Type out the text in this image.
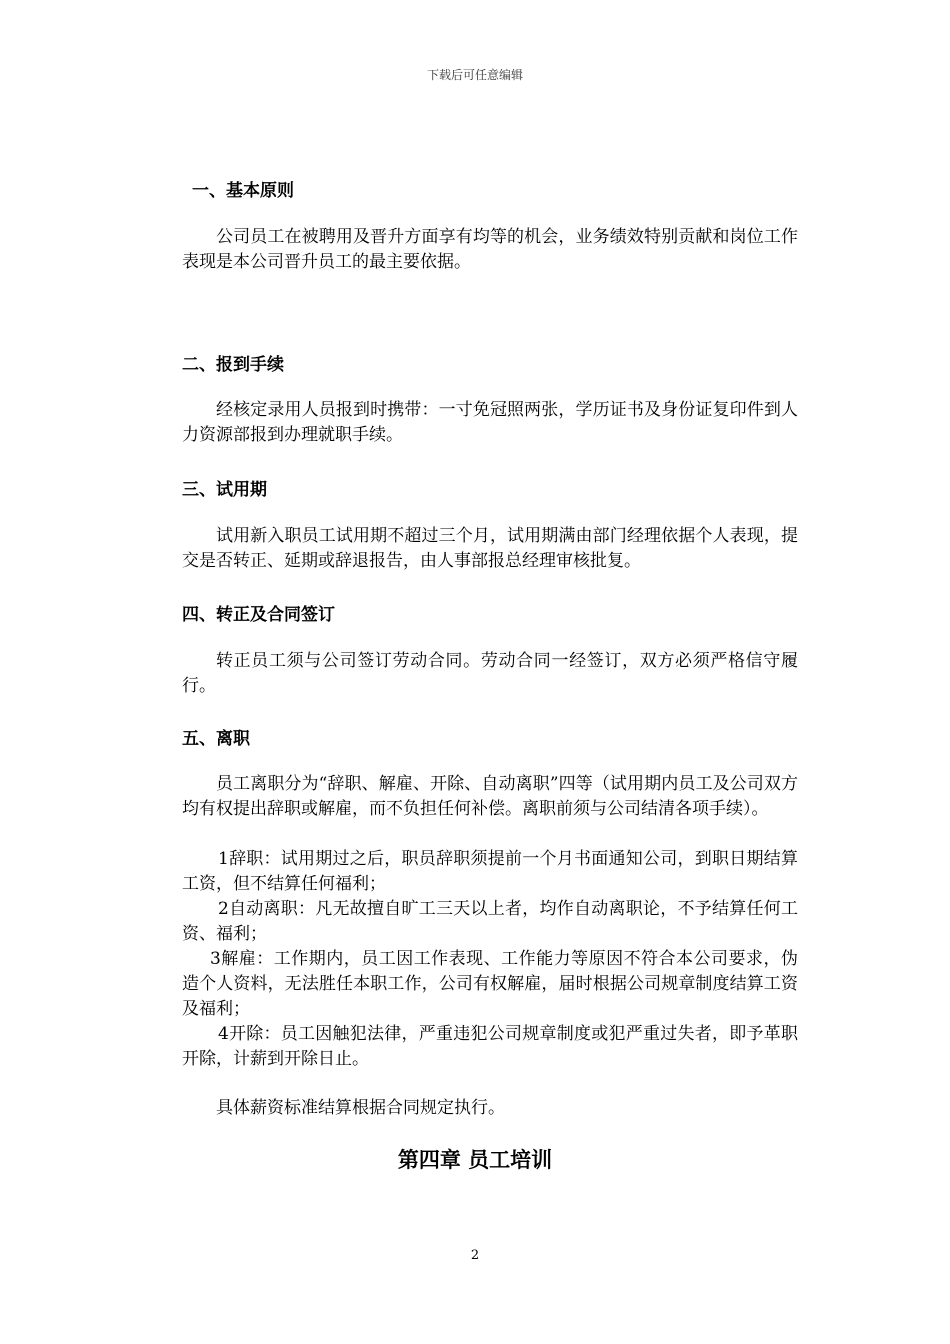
下载后可任意编辑
一、基本原则
公司员工在被聘用及晋升方面享有均等的机会，业务绩效特别贡献和岗位工作表现是本公司晋升员工的最主要依据。
二、报到手续
经核定录用人员报到时携带：一寸免冠照两张，学历证书及身份证复印件到人力资源部报到办理就职手续。
三、试用期
试用新入职员工试用期不超过三个月，试用期满由部门经理依据个人表现，提交是否转正、延期或辞退报告，由人事部报总经理审核批复。
四、转正及合同签订
转正员工须与公司签订劳动合同。劳动合同一经签订，双方必须严格信守履行。
五、离职
员工离职分为“辞职、解雇、开除、自动离职”四等（试用期内员工及公司双方均有权提出辞职或解雇，而不负担任何补偿。离职前须与公司结清各项手续）。
1辞职：试用期过之后，职员辞职须提前一个月书面通知公司，到职日期结算工资，但不结算任何福利；
2自动离职：凡无故擅自旷工三天以上者，均作自动离职论，不予结算任何工资、福利；
3解雇：工作期内，员工因工作表现、工作能力等原因不符合本公司要求，伪造个人资料，无法胜任本职工作，公司有权解雇，届时根据公司规章制度结算工资及福利；
4开除：员工因触犯法律，严重违犯公司规章制度或犯严重过失者，即予革职开除，计薪到开除日止。
具体薪资标准结算根据合同规定执行。
第四章 员工培训
2
